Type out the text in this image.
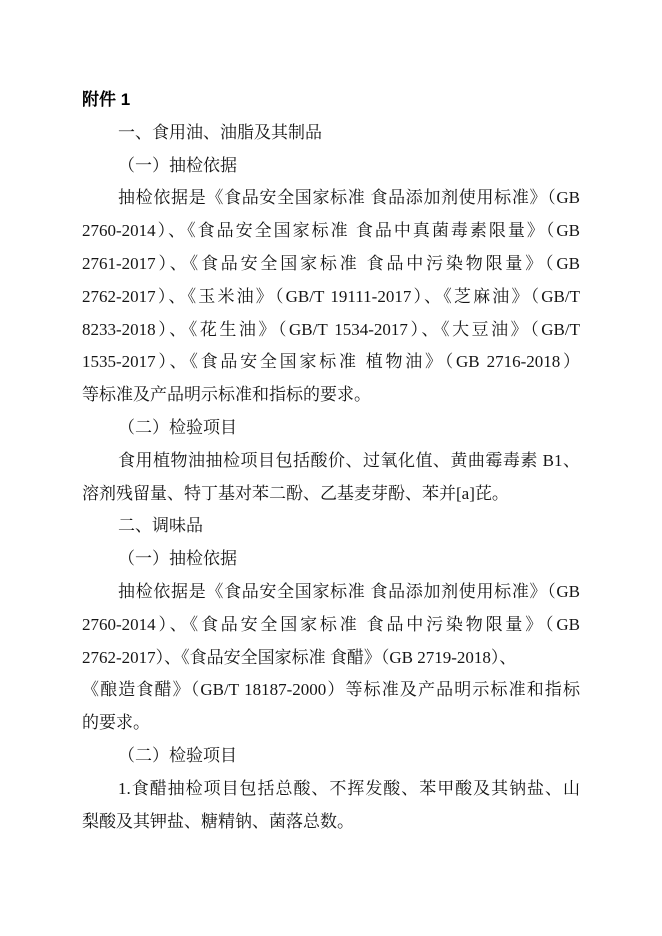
附件 1
一、食用油、油脂及其制品
（一）抽检依据
抽检依据是《食品安全国家标准 食品添加剂使用标准》（GB
2760-2014）、《食品安全国家标准 食品中真菌毒素限量》（GB
2761-2017）、《食品安全国家标准 食品中污染物限量》（GB
2762-2017）、《玉米油》（GB/T 19111-2017）、《芝麻油》（GB/T
8233-2018）、《花生油》（GB/T 1534-2017）、《大豆油》（GB/T
1535-2017）、《食品安全国家标准 植物油》（GB 2716-2018）
等标准及产品明示标准和指标的要求。
（二）检验项目
食用植物油抽检项目包括酸价、过氧化值、黄曲霉毒素 B1、
溶剂残留量、特丁基对苯二酚、乙基麦芽酚、苯并[a]芘。
二、调味品
（一）抽检依据
抽检依据是《食品安全国家标准 食品添加剂使用标准》（GB
2760-2014）、《食品安全国家标准 食品中污染物限量》（GB
2762-2017）、《食品安全国家标准 食醋》（GB 2719-2018）、
《酿造食醋》（GB/T 18187-2000）等标准及产品明示标准和指标
的要求。
（二）检验项目
1.食醋抽检项目包括总酸、不挥发酸、苯甲酸及其钠盐、山
梨酸及其钾盐、糖精钠、菌落总数。
